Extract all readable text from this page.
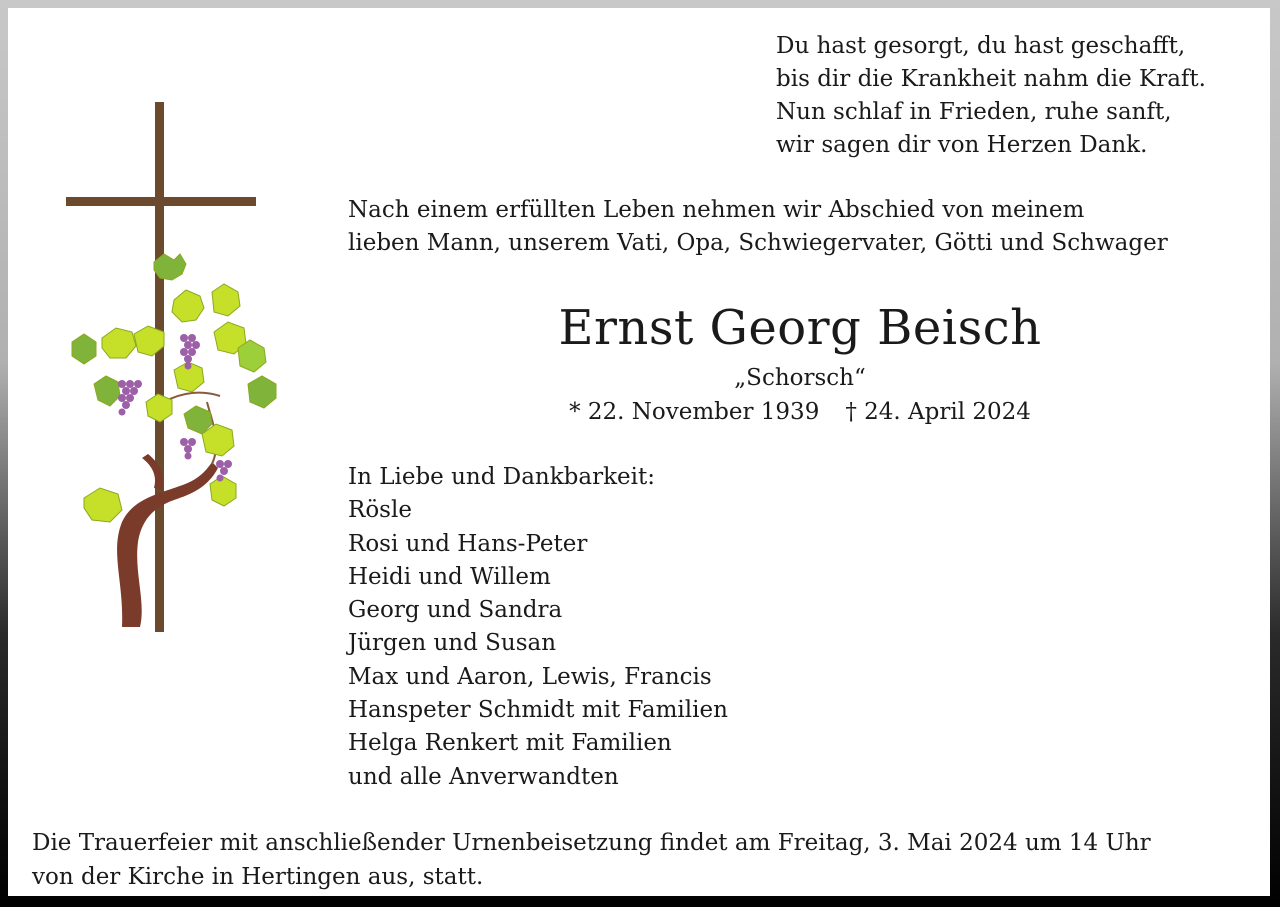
Du hast gesorgt, du hast geschafft,
bis dir die Krankheit nahm die Kraft.
Nun schlaf in Frieden, ruhe sanft,
wir sagen dir von Herzen Dank.
Nach einem erfüllten Leben nehmen wir Abschied von meinem
lieben Mann, unserem Vati, Opa, Schwiegervater, Götti und Schwager
Ernst Georg Beisch
„Schorsch“
* 22. November 1939 † 24. April 2024
In Liebe und Dankbarkeit:
Rösle
Rosi und Hans-Peter
Heidi und Willem
Georg und Sandra
Jürgen und Susan
Max und Aaron, Lewis, Francis
Hanspeter Schmidt mit Familien
Helga Renkert mit Familien
und alle Anverwandten
Die Trauerfeier mit anschließender Urnenbeisetzung findet am Freitag, 3. Mai 2024 um 14 Uhr
von der Kirche in Hertingen aus, statt.
